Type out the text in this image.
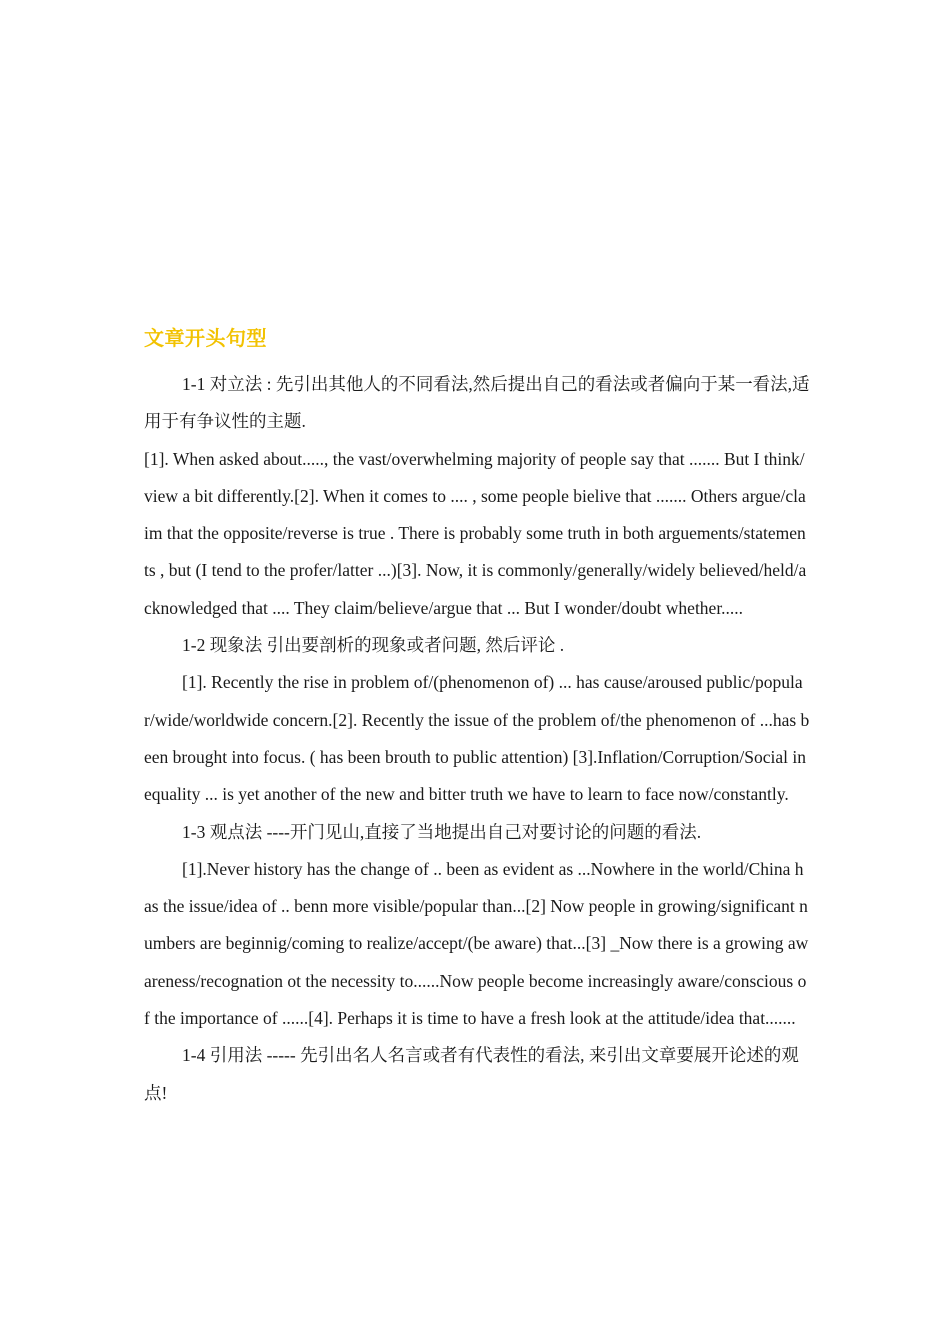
文章开头句型

1-1 对立法 : 先引出其他人的不同看法,然后提出自己的看法或者偏向于某一看法,适用于有争议性的主题.

[1]. When asked about....., the vast/overwhelming majority of people say that ....... But I think/view a bit differently.[2]. When it comes to .... , some people bielive that ....... Others argue/claim that the opposite/reverse is true . There is probably some truth in both arguements/statements , but (I tend to the profer/latter ...)[3]. Now, it is commonly/generally/widely believed/held/acknowledged that .... They claim/believe/argue that ... But I wonder/doubt whether.....

1-2 现象法 引出要剖析的现象或者问题, 然后评论 .

[1]. Recently the rise in problem of/(phenomenon of) ... has cause/aroused public/popular/wide/worldwide concern.[2]. Recently the issue of the problem of/the phenomenon of ...has been brought into focus. ( has been brouth to public attention) [3].Inflation/Corruption/Social inequality ... is yet another of the new and bitter truth we have to learn to face now/constantly.

1-3 观点法 ----开门见山,直接了当地提出自己对要讨论的问题的看法.

[1].Never history has the change of .. been as evident as ...Nowhere in the world/China has the issue/idea of .. benn more visible/popular than...[2] Now people in growing/significant numbers are beginnig/coming to realize/accept/(be aware) that...[3] _Now there is a growing awareness/recognation ot the necessity to......Now people become increasingly aware/conscious of the importance of ......[4]. Perhaps it is time to have a fresh look at the attitude/idea that.......

1-4 引用法 ----- 先引出名人名言或者有代表性的看法, 来引出文章要展开论述的观点!
